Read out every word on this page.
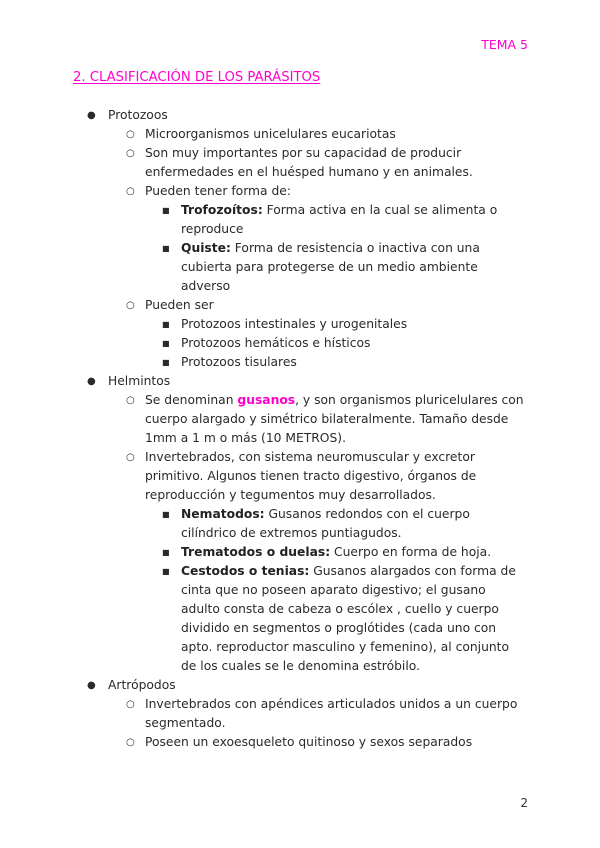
TEMA 5
2. CLASIFICACIÓN DE LOS PARÁSITOS
● Protozoos
○ Microorganismos unicelulares eucariotas
○ Son muy importantes por su capacidad de producir enfermedades en el huésped humano y en animales.
○ Pueden tener forma de:
■ Trofozoítos: Forma activa en la cual se alimenta o reproduce
■ Quiste: Forma de resistencia o inactiva con una cubierta para protegerse de un medio ambiente adverso
○ Pueden ser
■ Protozoos intestinales y urogenitales
■ Protozoos hemáticos e hísticos
■ Protozoos tisulares
● Helmintos
○ Se denominan gusanos, y son organismos pluricelulares con cuerpo alargado y simétrico bilateralmente. Tamaño desde 1mm a 1 m o más (10 METROS).
○ Invertebrados, con sistema neuromuscular y excretor primitivo. Algunos tienen tracto digestivo, órganos de reproducción y tegumentos muy desarrollados.
■ Nematodos: Gusanos redondos con el cuerpo cilíndrico de extremos puntiagudos.
■ Trematodos o duelas: Cuerpo en forma de hoja.
■ Cestodos o tenias: Gusanos alargados con forma de cinta que no poseen aparato digestivo; el gusano adulto consta de cabeza o escólex , cuello y cuerpo dividido en segmentos o proglótides (cada uno con apto. reproductor masculino y femenino), al conjunto de los cuales se le denomina estróbilo.
● Artrópodos
○ Invertebrados con apéndices articulados unidos a un cuerpo segmentado.
○ Poseen un exoesqueleto quitinoso y sexos separados
2
